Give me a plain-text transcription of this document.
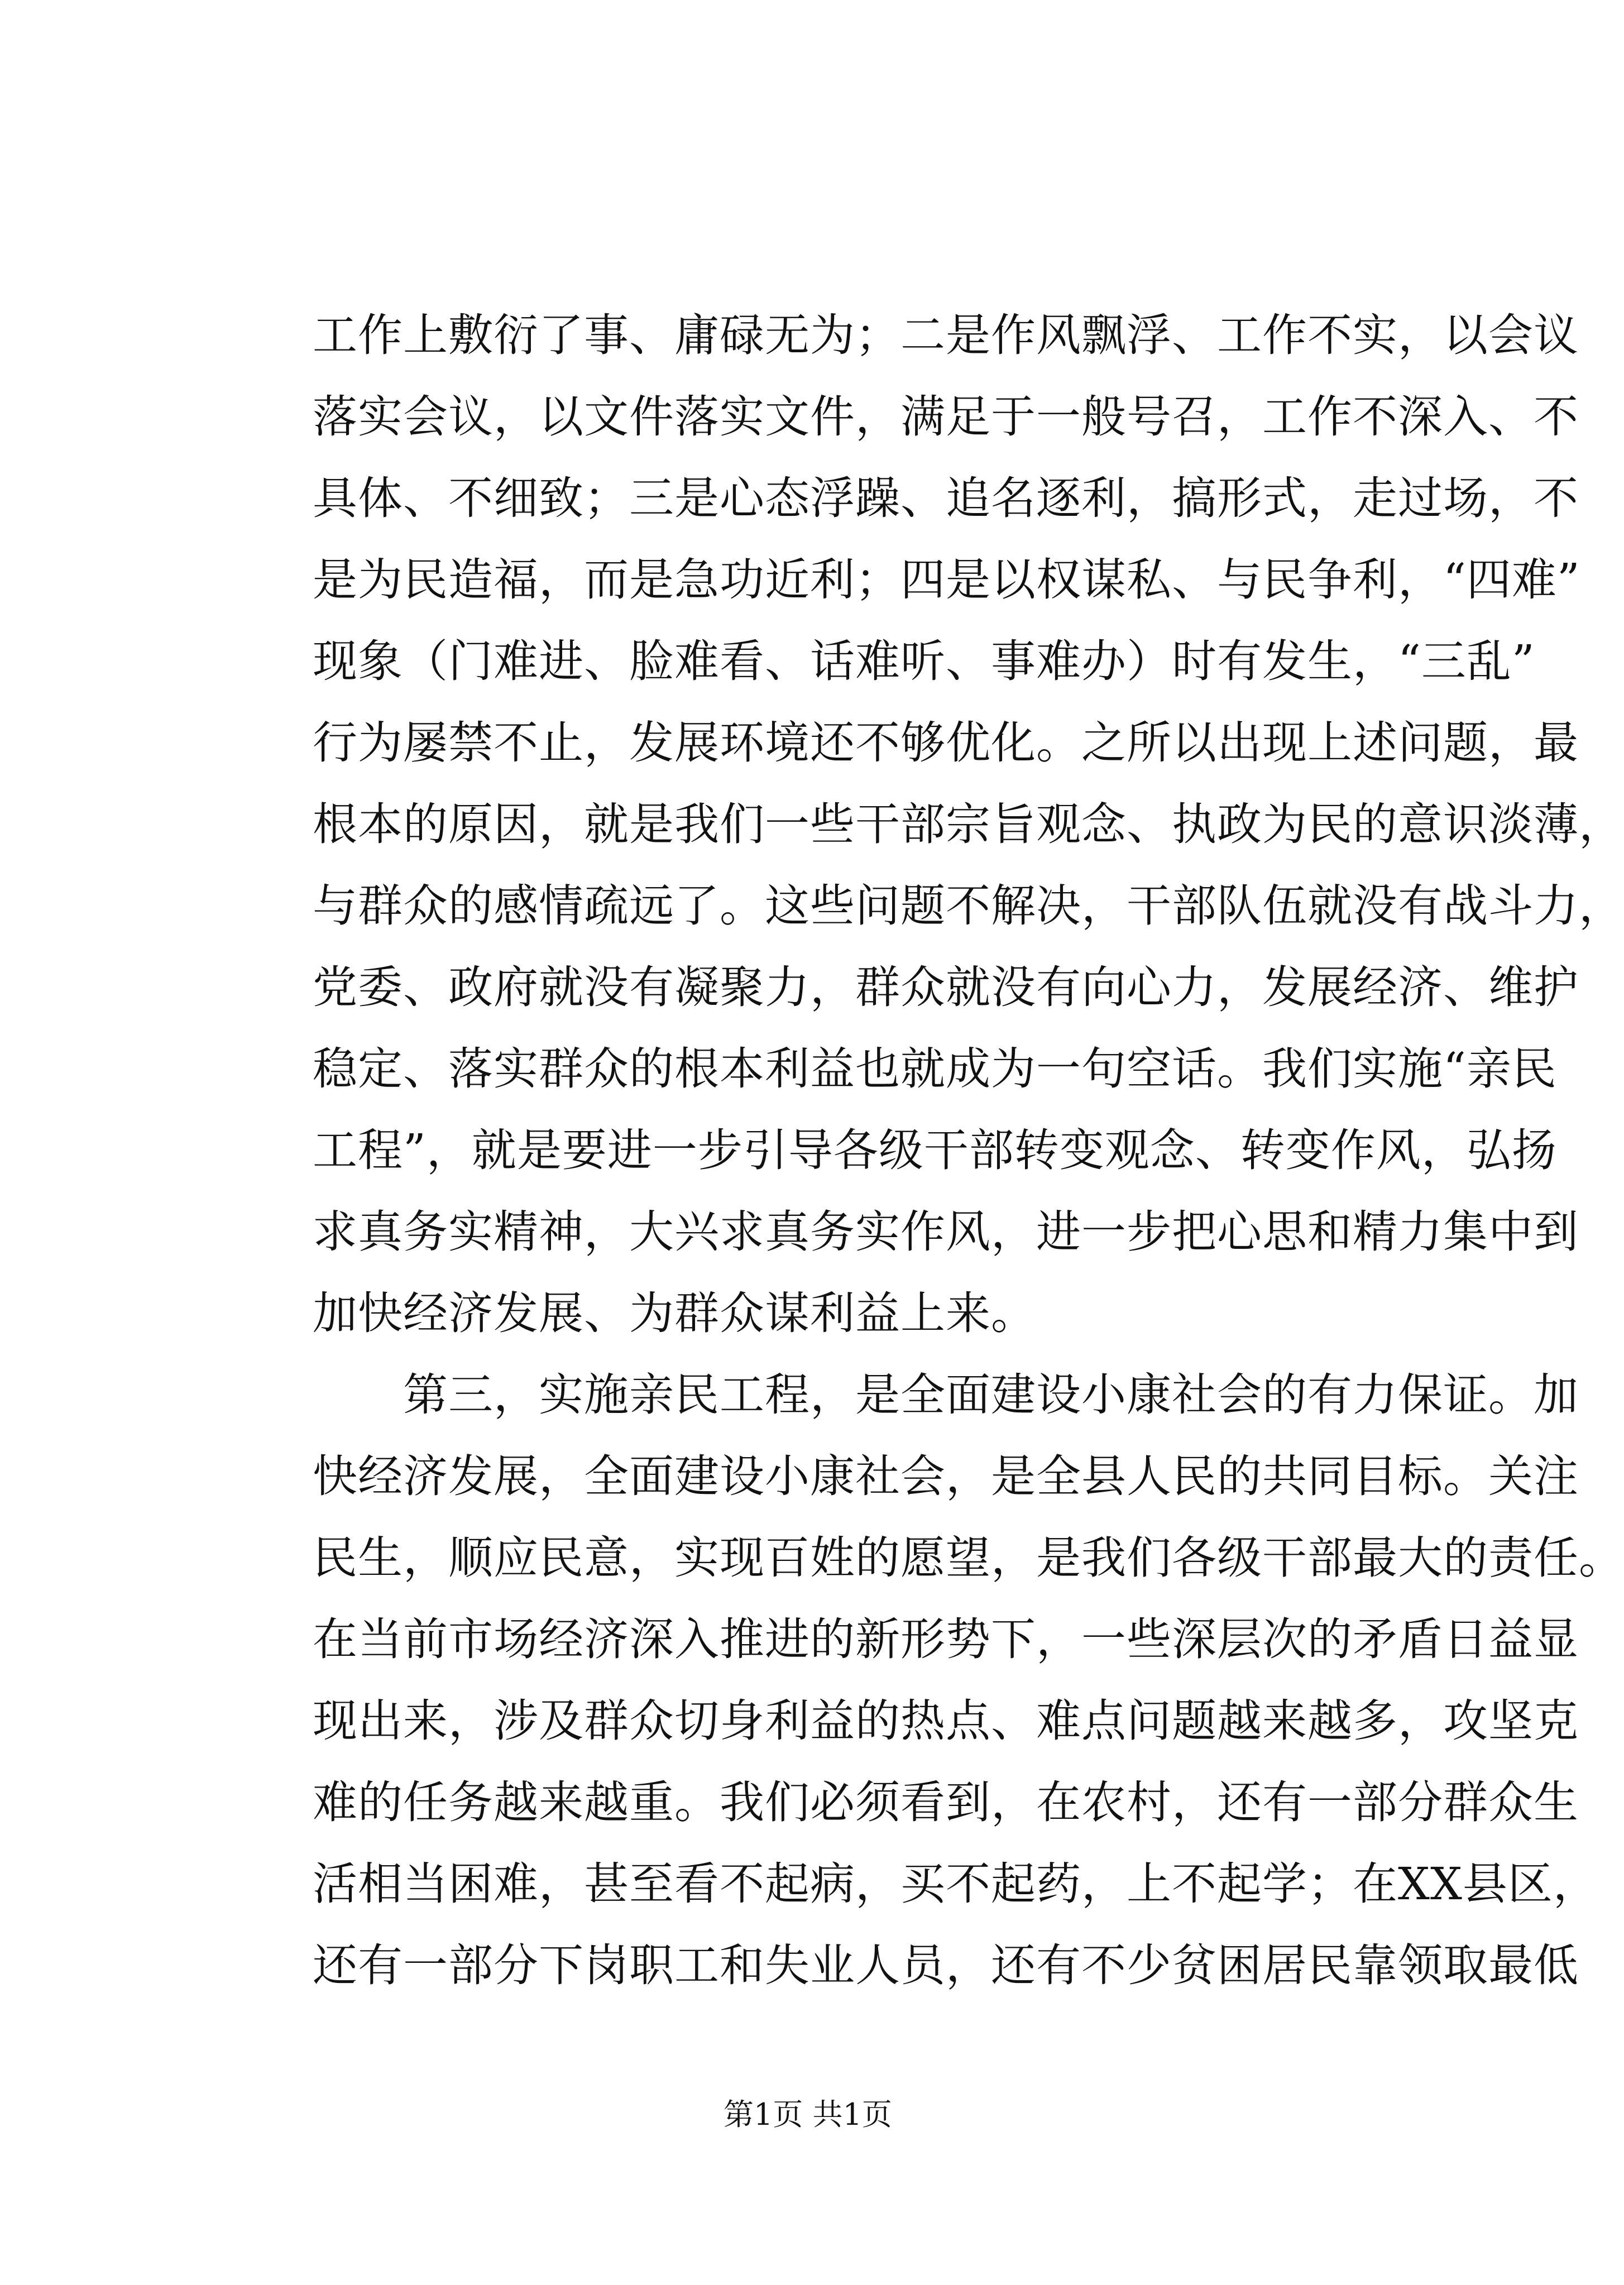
工作上敷衍了事、庸碌无为；二是作风飘浮、工作不实，以会议
落实会议，以文件落实文件，满足于一般号召，工作不深入、不
具体、不细致；三是心态浮躁、追名逐利，搞形式，走过场，不
是为民造福，而是急功近利；四是以权谋私、与民争利，“四难”
现象（门难进、脸难看、话难听、事难办）时有发生，“三乱”
行为屡禁不止，发展环境还不够优化。之所以出现上述问题，最
根本的原因，就是我们一些干部宗旨观念、执政为民的意识淡薄，
与群众的感情疏远了。这些问题不解决，干部队伍就没有战斗力，
党委、政府就没有凝聚力，群众就没有向心力，发展经济、维护
稳定、落实群众的根本利益也就成为一句空话。我们实施“亲民
工程”，就是要进一步引导各级干部转变观念、转变作风，弘扬
求真务实精神，大兴求真务实作风，进一步把心思和精力集中到
加快经济发展、为群众谋利益上来。
　　第三，实施亲民工程，是全面建设小康社会的有力保证。加
快经济发展，全面建设小康社会，是全县人民的共同目标。关注
民生，顺应民意，实现百姓的愿望，是我们各级干部最大的责任。
在当前市场经济深入推进的新形势下，一些深层次的矛盾日益显
现出来，涉及群众切身利益的热点、难点问题越来越多，攻坚克
难的任务越来越重。我们必须看到，在农村，还有一部分群众生
活相当困难，甚至看不起病，买不起药，上不起学；在XX县区，
还有一部分下岗职工和失业人员，还有不少贫困居民靠领取最低
第1页 共1页
